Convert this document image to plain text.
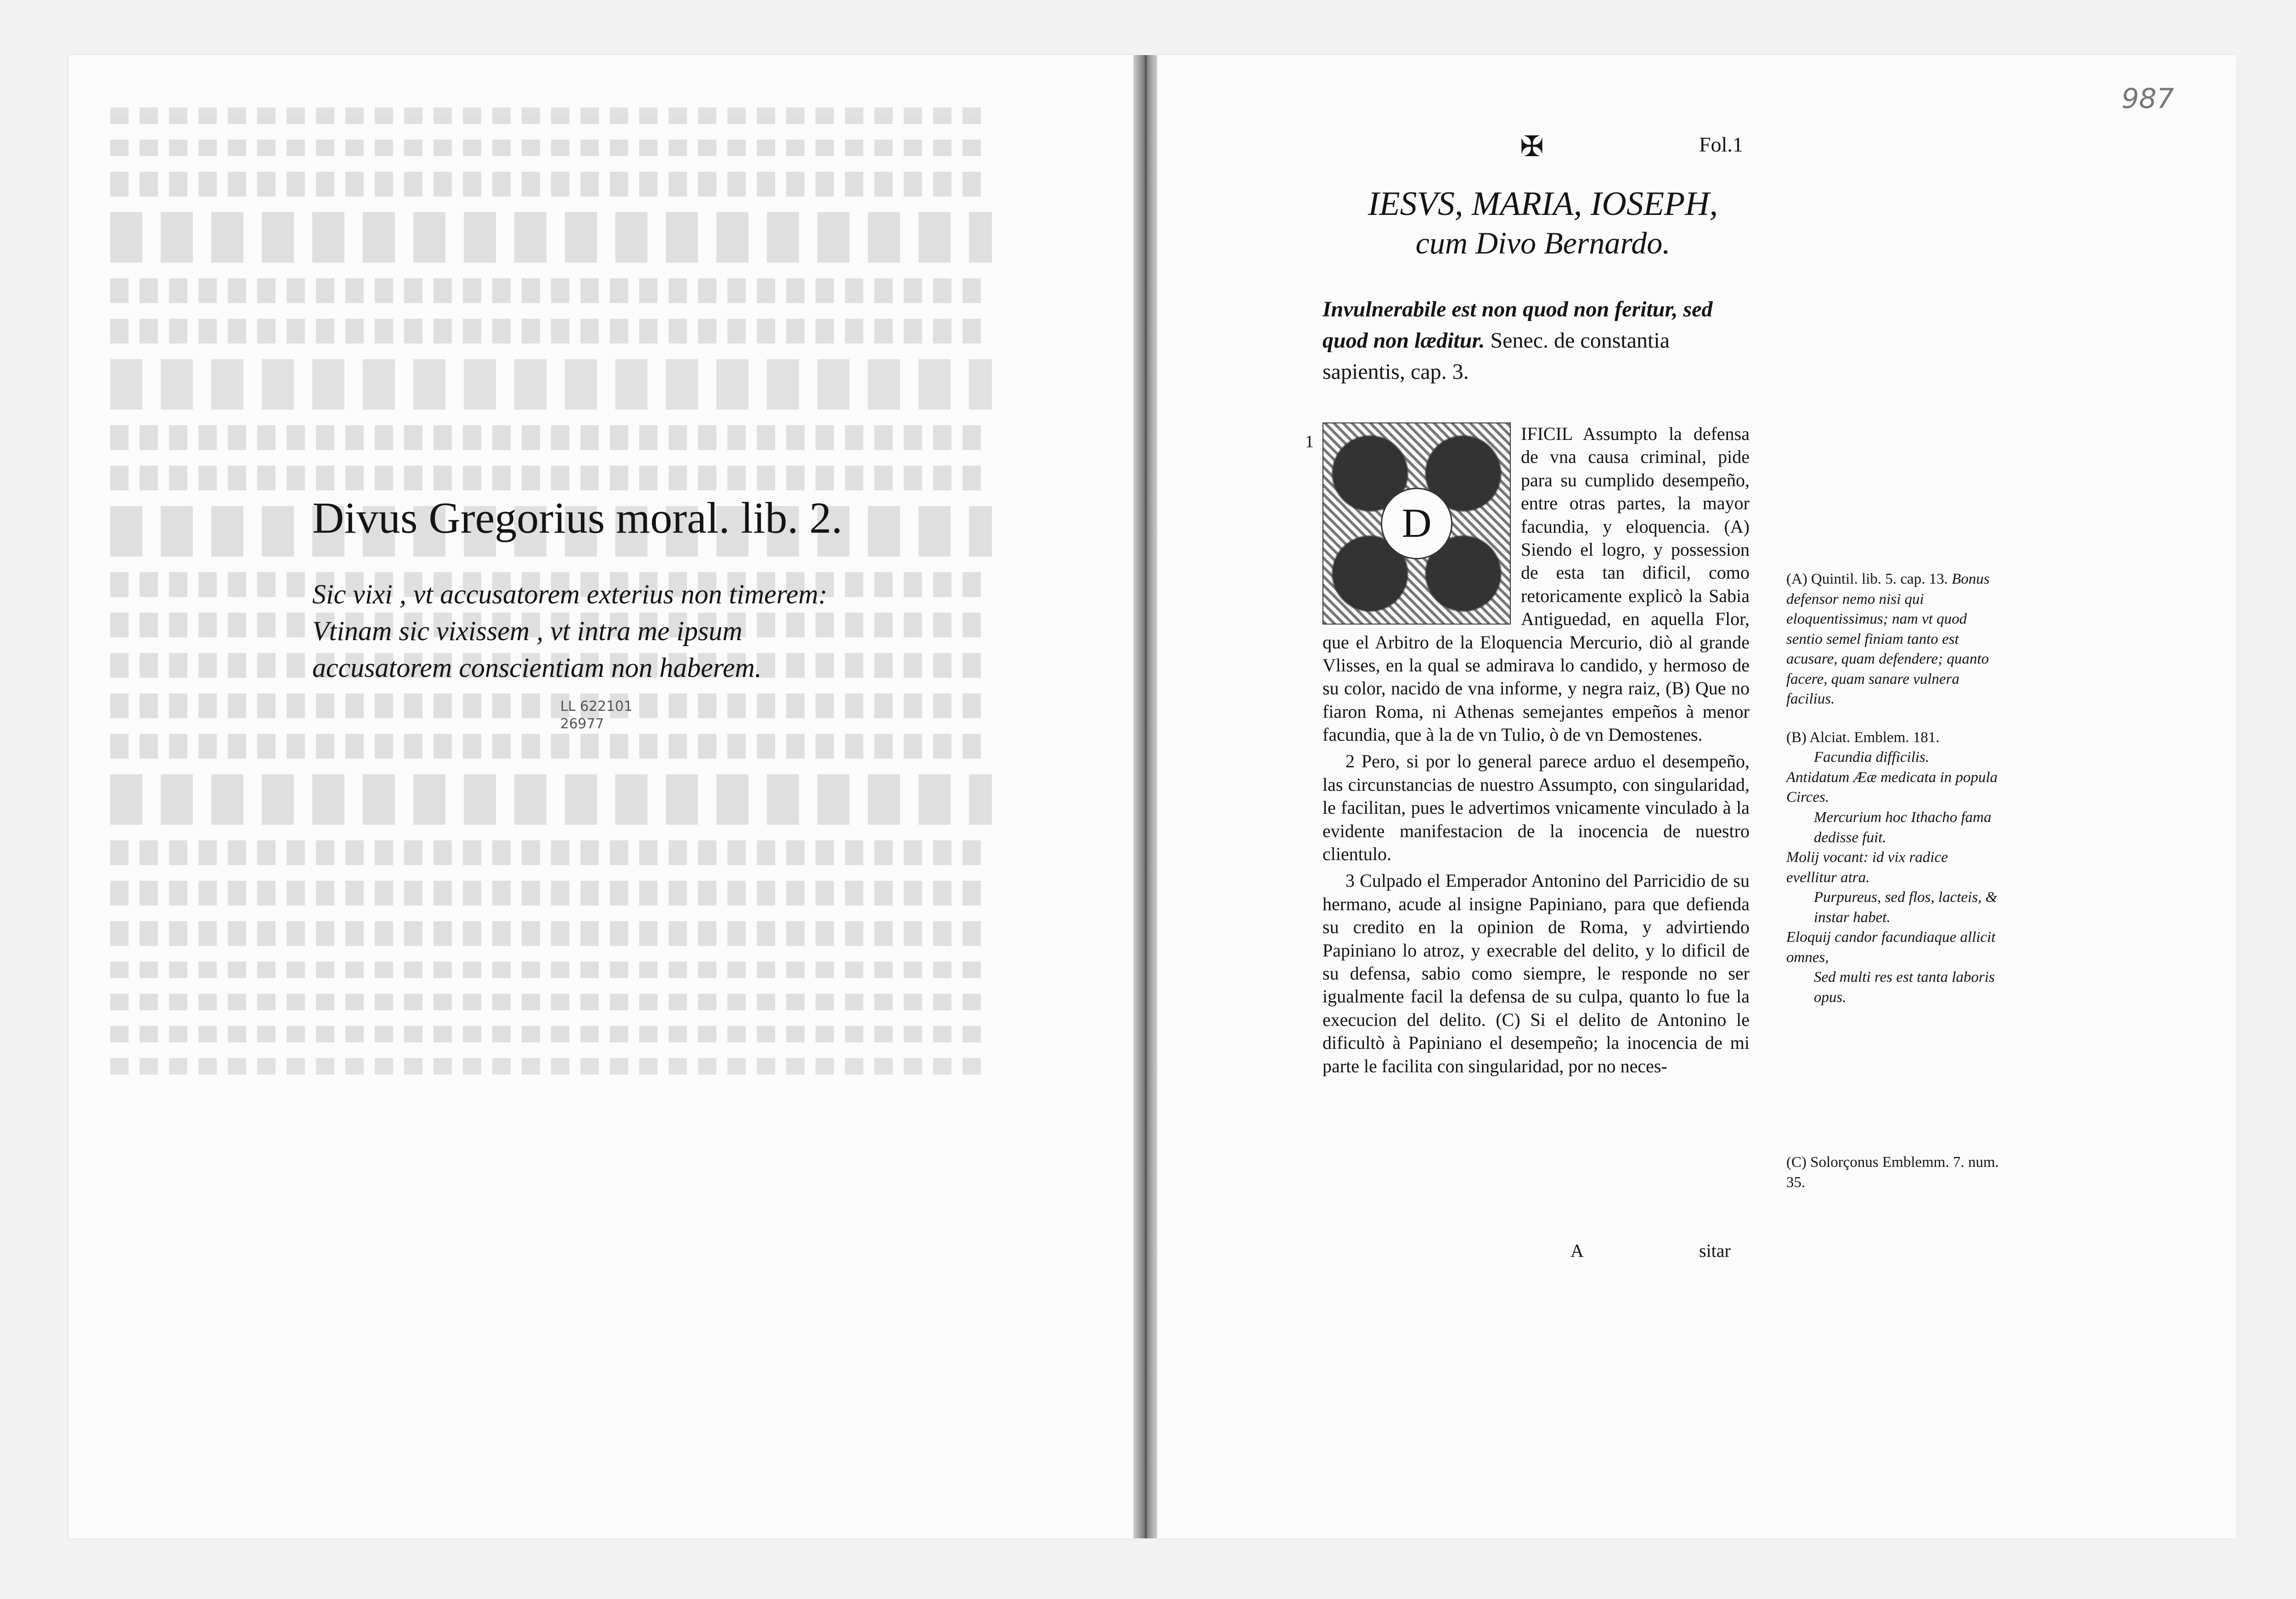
Divus Gregorius moral. lib. 2.

Sic vixi , vt accusatorem exterius non timerem: Vtinam sic vixissem , vt intra me ipsum accusatorem conscientiam non haberem.

LL 622101 26977
✠	Fol.1
987

IESVS, MARIA, IOSEPH,

cum Divo Bernardo.

Invulnerabile est non quod non feritur, sed quod non læditur. Senec. de constantia sapientis, cap. 3.
1
D

IFICIL Assumpto la defensa de vna causa criminal, pide para su cumplido desempeño, entre otras partes, la mayor facundia, y eloquencia. (A) Siendo el logro, y possession de esta tan dificil, como retoricamente explicò la Sabia Antiguedad, en aquella Flor, que el Arbitro de la Eloquencia Mercurio, diò al grande Vlisses, en la qual se admirava lo candido, y hermoso de su color, nacido de vna informe, y negra raiz, (B) Que no fiaron Roma, ni Athenas semejantes empeños à menor facundia, que à la de vn Tulio, ò de vn Demostenes.

2 Pero, si por lo general parece arduo el desempeño, las circunstancias de nuestro Assumpto, con singularidad, le facilitan, pues le advertimos vnicamente vinculado à la evidente manifestacion de la inocencia de nuestro clientulo.

3 Culpado el Emperador Antonino del Parricidio de su hermano, acude al insigne Papiniano, para que defienda su credito en la opinion de Roma, y advirtiendo Papiniano lo atroz, y execrable del delito, y lo dificil de su defensa, sabio como siempre, le responde no ser igualmente facil la defensa de su culpa, quanto lo fue la execucion del delito. (C) Si el delito de Antonino le dificultò à Papiniano el desempeño; la inocencia de mi parte le facilita con singularidad, por no neces-

A	sitar
(A) Quintil. lib. 5. cap. 13. Bonus defensor nemo nisi qui eloquentissimus; nam vt quod sentio semel finiam tanto est acusare, quam defendere; quanto facere, quam sanare vulnera facilius.
(B) Alciat. Emblem. 181.
Facundia difficilis.
Antidatum Ææ medicata in popula Circes.
Mercurium hoc Ithacho fama dedisse fuit.
Molij vocant: id vix radice evellitur atra.
Purpureus, sed flos, lacteis, & instar habet.
Eloquij candor facundiaque allicit omnes,
Sed multi res est tanta laboris opus.
(C) Solorçonus Emblemm. 7. num. 35.
